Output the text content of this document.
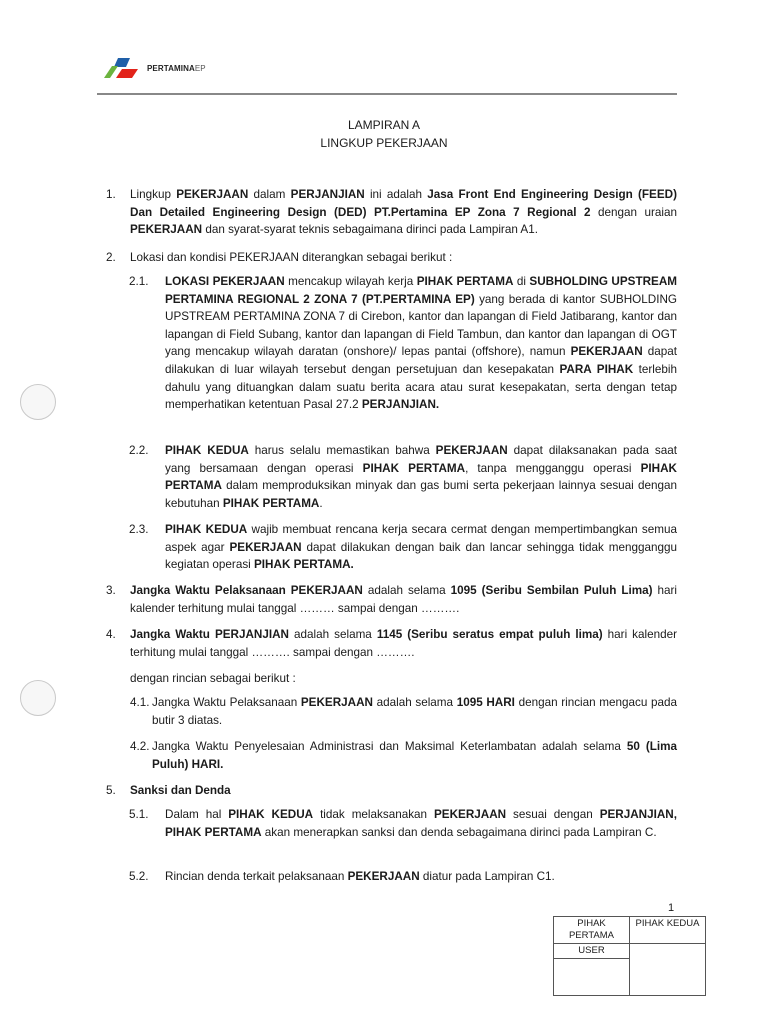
PERTAMINAEP
LAMPIRAN A
LINGKUP PEKERJAAN
1. Lingkup PEKERJAAN dalam PERJANJIAN ini adalah Jasa Front End Engineering Design (FEED) Dan Detailed Engineering Design (DED) PT.Pertamina EP Zona 7 Regional 2 dengan uraian PEKERJAAN dan syarat-syarat teknis sebagaimana dirinci pada Lampiran A1.

2. Lokasi dan kondisi PEKERJAAN diterangkan sebagai berikut :

2.1. LOKASI PEKERJAAN mencakup wilayah kerja PIHAK PERTAMA di SUBHOLDING UPSTREAM PERTAMINA REGIONAL 2 ZONA 7 (PT.PERTAMINA EP) yang berada di kantor SUBHOLDING UPSTREAM PERTAMINA ZONA 7 di Cirebon, kantor dan lapangan di Field Jatibarang, kantor dan lapangan di Field Subang, kantor dan lapangan di Field Tambun, dan kantor dan lapangan di OGT yang mencakup wilayah daratan (onshore)/ lepas pantai (offshore), namun PEKERJAAN dapat dilakukan di luar wilayah tersebut dengan persetujuan dan kesepakatan PARA PIHAK terlebih dahulu yang dituangkan dalam suatu berita acara atau surat kesepakatan, serta dengan tetap memperhatikan ketentuan Pasal 27.2 PERJANJIAN.

2.2. PIHAK KEDUA harus selalu memastikan bahwa PEKERJAAN dapat dilaksanakan pada saat yang bersamaan dengan operasi PIHAK PERTAMA, tanpa mengganggu operasi PIHAK PERTAMA dalam memproduksikan minyak dan gas bumi serta pekerjaan lainnya sesuai dengan kebutuhan PIHAK PERTAMA.

2.3. PIHAK KEDUA wajib membuat rencana kerja secara cermat dengan mempertimbangkan semua aspek agar PEKERJAAN dapat dilakukan dengan baik dan lancar sehingga tidak mengganggu kegiatan operasi PIHAK PERTAMA.

3. Jangka Waktu Pelaksanaan PEKERJAAN adalah selama 1095 (Seribu Sembilan Puluh Lima) hari kalender terhitung mulai tanggal ……… sampai dengan ……….

4. Jangka Waktu PERJANJIAN adalah selama 1145 (Seribu seratus empat puluh lima) hari kalender terhitung mulai tanggal ………. sampai dengan ……….

dengan rincian sebagai berikut :

4.1. Jangka Waktu Pelaksanaan PEKERJAAN adalah selama 1095 HARI dengan rincian mengacu pada butir 3 diatas.

4.2. Jangka Waktu Penyelesaian Administrasi dan Maksimal Keterlambatan adalah selama 50 (Lima Puluh) HARI.

5. Sanksi dan Denda

5.1. Dalam hal PIHAK KEDUA tidak melaksanakan PEKERJAAN sesuai dengan PERJANJIAN, PIHAK PERTAMA akan menerapkan sanksi dan denda sebagaimana dirinci pada Lampiran C.

5.2. Rincian denda terkait pelaksanaan PEKERJAAN diatur pada Lampiran C1.

1
PIHAK PERTAMA	PIHAK KEDUA
USER	
